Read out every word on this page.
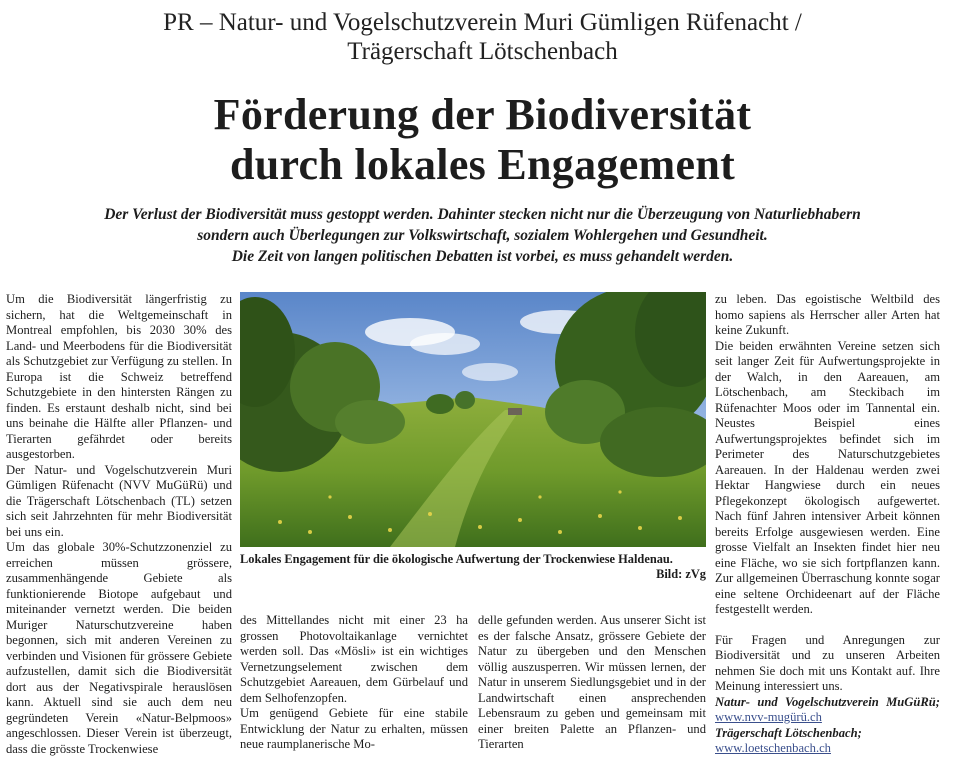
PR – Natur- und Vogelschutzverein Muri Gümligen Rüfenacht /
Trägerschaft Lötschenbach
Förderung der Biodiversität
durch lokales Engagement
Der Verlust der Biodiversität muss gestoppt werden. Dahinter stecken nicht nur die Überzeugung von Naturliebhabern
sondern auch Überlegungen zur Volkswirtschaft, sozialem Wohlergehen und Gesundheit.
Die Zeit von langen politischen Debatten ist vorbei, es muss gehandelt werden.

Um die Biodiversität längerfristig zu sichern, hat die Weltgemeinschaft in Montreal empfohlen, bis 2030 30% des Land- und Meerbodens für die Biodiversität als Schutzgebiet zur Verfügung zu stellen. In Europa ist die Schweiz betreffend Schutzgebiete in den hintersten Rängen zu finden. Es erstaunt deshalb nicht, sind bei uns beinahe die Hälfte aller Pflanzen- und Tierarten gefährdet oder bereits ausgestorben.

Der Natur- und Vogelschutzverein Muri Gümligen Rüfenacht (NVV MuGüRü) und die Trägerschaft Lötschenbach (TL) setzen sich seit Jahrzehnten für mehr Biodiversität bei uns ein.

Um das globale 30%-Schutzzonenziel zu erreichen müssen grössere, zusammenhängende Gebiete als funktionierende Biotope aufgebaut und miteinander vernetzt werden. Die beiden Muriger Naturschutzvereine haben begonnen, sich mit anderen Vereinen zu verbinden und Visionen für grössere Gebiete aufzustellen, damit sich die Biodiversität dort aus der Negativspirale herauslösen kann. Aktuell sind sie auch dem neu gegründeten Verein «Natur-Belpmoos» angeschlossen. Dieser Verein ist überzeugt, dass die grösste Trockenwiese

Lokales Engagement für die ökologische Aufwertung der Trockenwiese Haldenau.
Bild: zVg

des Mittellandes nicht mit einer 23 ha grossen Photovoltaikanlage vernichtet werden soll. Das «Mösli» ist ein wichtiges Vernetzungselement zwischen dem Schutzgebiet Aareauen, dem Gürbelauf und dem Selhofenzopfen.

Um genügend Gebiete für eine stabile Entwicklung der Natur zu erhalten, müssen neue raumplanerische Mo-

delle gefunden werden. Aus unserer Sicht ist es der falsche Ansatz, grössere Gebiete der Natur zu übergeben und den Menschen völlig auszusperren. Wir müssen lernen, der Natur in unserem Siedlungsgebiet und in der Landwirtschaft einen ansprechenden Lebensraum zu geben und gemeinsam mit einer breiten Palette an Pflanzen- und Tierarten

zu leben. Das egoistische Weltbild des homo sapiens als Herrscher aller Arten hat keine Zukunft.

Die beiden erwähnten Vereine setzen sich seit langer Zeit für Aufwertungsprojekte in der Walch, in den Aareauen, am Lötschenbach, am Steckibach im Rüfenachter Moos oder im Tannental ein. Neustes Beispiel eines Aufwertungsprojektes befindet sich im Perimeter des Naturschutzgebietes Aareauen. In der Haldenau werden zwei Hektar Hangwiese durch ein neues Pflegekonzept ökologisch aufgewertet. Nach fünf Jahren intensiver Arbeit können bereits Erfolge ausgewiesen werden. Eine grosse Vielfalt an Insekten findet hier neu eine Fläche, wo sie sich fortpflanzen kann. Zur allgemeinen Überraschung konnte sogar eine seltene Orchideenart auf der Fläche festgestellt werden.

Für Fragen und Anregungen zur Biodiversität und zu unseren Arbeiten nehmen Sie doch mit uns Kontakt auf. Ihre Meinung interessiert uns.

Natur- und Vogelschutzverein MuGüRü; www.nvv-mugürü.ch
Trägerschaft Lötschenbach;
www.loetschenbach.ch
